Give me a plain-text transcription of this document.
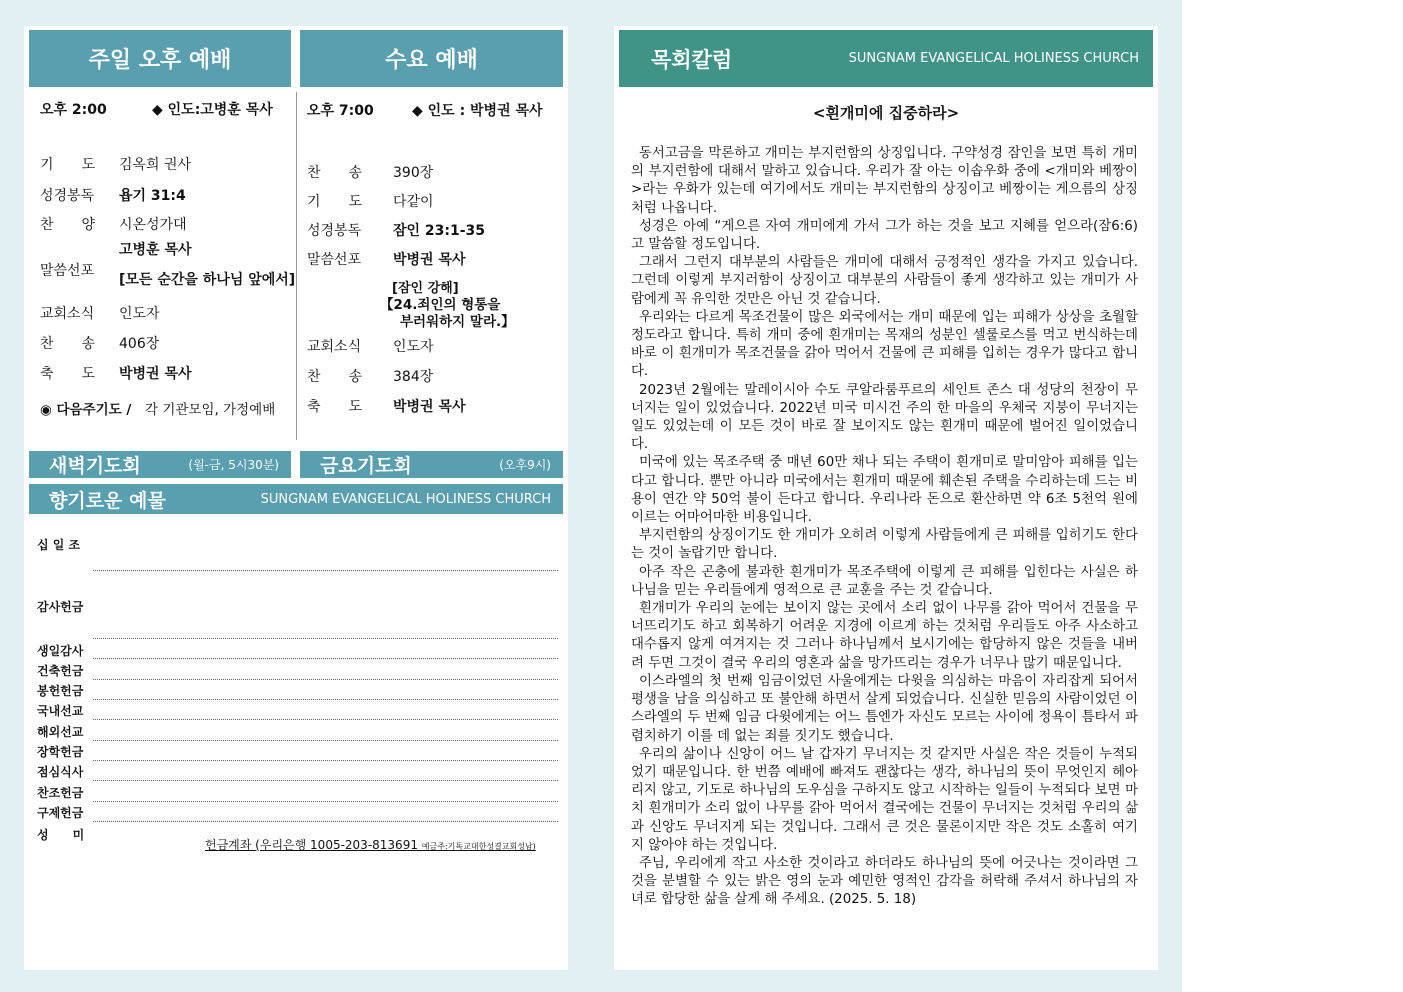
주일 오후 예배	수요 예배
오후 2:00	◆ 인도:고병훈 목사
기　　도 김옥희 권사
성경봉독 욥기 31:4
찬　　양 시온성가대
말씀선포
고병훈 목사
[모든 순간을 하나님 앞에서]
교회소식 인도자
찬　　송 406장
축　　도 박병권 목사
◉ 다음주기도 / 각 기관모임, 가정예배
오후 7:00	◆ 인도 : 박병권 목사
찬　　송 390장
기　　도 다같이
성경봉독 잠인 23:1-35
말씀선포 박병권 목사
[잠인 강해]
【24.죄인의 형통을
부러워하지 말라.】
교회소식 인도자
찬　　송 384장
축　　도 박병권 목사
새벽기도회	(월-금, 5시30분) 금요기도회	(오후9시)
향기로운 예물	SUNGNAM EVANGELICAL HOLINESS CHURCH
십 일 조
감사헌금
생일감사
건축헌금
봉헌헌금
국내선교
해외선교
장학헌금
점심식사
찬조헌금
구제헌금
성　　미
헌금계좌 (우리은행 1005-203-813691 예금주:기독교대한성결교회성남)
목회칼럼	SUNGNAM EVANGELICAL HOLINESS CHURCH
<흰개미에 집중하라>

동서고금을 막론하고 개미는 부지런함의 상징입니다. 구약성경 잠인을 보면 특히 개미의 부지런함에 대해서 말하고 있습니다. 우리가 잘 아는 이솝우화 중에 <개미와 베짱이>라는 우화가 있는데 여기에서도 개미는 부지런함의 상징이고 베짱이는 게으름의 상징처럼 나옵니다.

성경은 아예 “게으른 자여 개미에게 가서 그가 하는 것을 보고 지혜를 얻으라(잠6:6)고 말씀할 정도입니다.

그래서 그런지 대부분의 사람들은 개미에 대해서 긍정적인 생각을 가지고 있습니다. 그런데 이렇게 부지러함이 상징이고 대부분의 사람들이 좋게 생각하고 있는 개미가 사람에게 꼭 유익한 것만은 아닌 것 같습니다.

우리와는 다르게 목조건물이 많은 외국에서는 개미 때문에 입는 피해가 상상을 초월할 정도라고 합니다. 특히 개미 중에 흰개미는 목재의 성분인 셀룰로스를 먹고 번식하는데 바로 이 흰개미가 목조건물을 갉아 먹어서 건물에 큰 피해를 입히는 경우가 많다고 합니다.

2023년 2월에는 말레이시아 수도 쿠알라룸푸르의 세인트 존스 대 성당의 천장이 무너지는 일이 있었습니다. 2022년 미국 미시건 주의 한 마을의 우체국 지붕이 무너지는 일도 있었는데 이 모든 것이 바로 잘 보이지도 않는 흰개미 때문에 벌어진 일이었습니다.

미국에 있는 목조주택 중 매년 60만 채나 되는 주택이 흰개미로 말미암아 피해를 입는다고 합니다. 뿐만 아니라 미국에서는 흰개미 때문에 훼손된 주택을 수리하는데 드는 비용이 연간 약 50억 불이 든다고 합니다. 우리나라 돈으로 환산하면 약 6조 5천억 원에 이르는 어마어마한 비용입니다.

부지런함의 상징이기도 한 개미가 오히려 이렇게 사람들에게 큰 피해를 입히기도 한다는 것이 놀랍기만 합니다.

아주 작은 곤충에 불과한 흰개미가 목조주택에 이렇게 큰 피해를 입힌다는 사실은 하나님을 믿는 우리들에게 영적으로 큰 교훈을 주는 것 같습니다.

흰개미가 우리의 눈에는 보이지 않는 곳에서 소리 없이 나무를 갉아 먹어서 건물을 무너뜨리기도 하고 회복하기 어려운 지경에 이르게 하는 것처럼 우리들도 아주 사소하고 대수롭지 않게 여겨지는 것 그러나 하나님께서 보시기에는 합당하지 않은 것들을 내버려 두면 그것이 결국 우리의 영혼과 삶을 망가뜨리는 경우가 너무나 많기 때문입니다.

이스라엘의 첫 번째 임금이었던 사울에게는 다윗을 의심하는 마음이 자리잡게 되어서 평생을 남을 의심하고 또 불안해 하면서 살게 되었습니다. 신실한 믿음의 사람이었던 이스라엘의 두 번째 임금 다윗에게는 어느 틈엔가 자신도 모르는 사이에 정욕이 틈타서 파렴치하기 이를 데 없는 죄를 짓기도 했습니다.

우리의 삶이나 신앙이 어느 날 갑자기 무너지는 것 같지만 사실은 작은 것들이 누적되었기 때문입니다. 한 번쯤 예배에 빠져도 괜찮다는 생각, 하나님의 뜻이 무엇인지 헤아리지 않고, 기도로 하나님의 도우심을 구하지도 않고 시작하는 일들이 누적되다 보면 마치 흰개미가 소리 없이 나무를 갉아 먹어서 결국에는 건물이 무너지는 것처럼 우리의 삶과 신앙도 무너지게 되는 것입니다. 그래서 큰 것은 물론이지만 작은 것도 소홀히 여기지 않아야 하는 것입니다.

주님, 우리에게 작고 사소한 것이라고 하더라도 하나님의 뜻에 어긋나는 것이라면 그것을 분별할 수 있는 밝은 영의 눈과 예민한 영적인 감각을 허락해 주셔서 하나님의 자녀로 합당한 삶을 살게 해 주세요. (2025. 5. 18)
